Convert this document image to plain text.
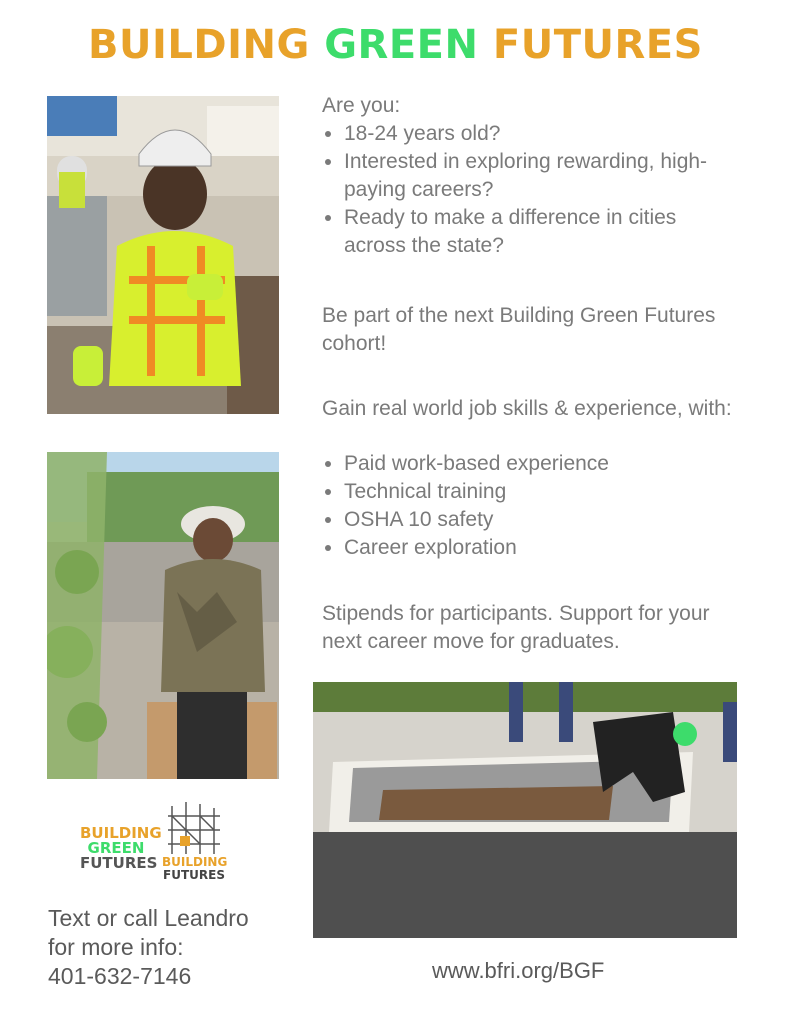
BUILDING GREEN FUTURES
Are you:
• 18-24 years old?
• Interested in exploring rewarding, high-paying careers?
• Ready to make a difference in cities across the state?
Be part of the next Building Green Futures cohort!
Gain real world job skills & experience, with:
• Paid work-based experience
• Technical training
• OSHA 10 safety
• Career exploration
Stipends for participants. Support for your next career move for graduates.
BUILDING
GREEN
FUTURES BUILDING
FUTURES
Text or call Leandro
for more info:
401-632-7146	www.bfri.org/BGF
